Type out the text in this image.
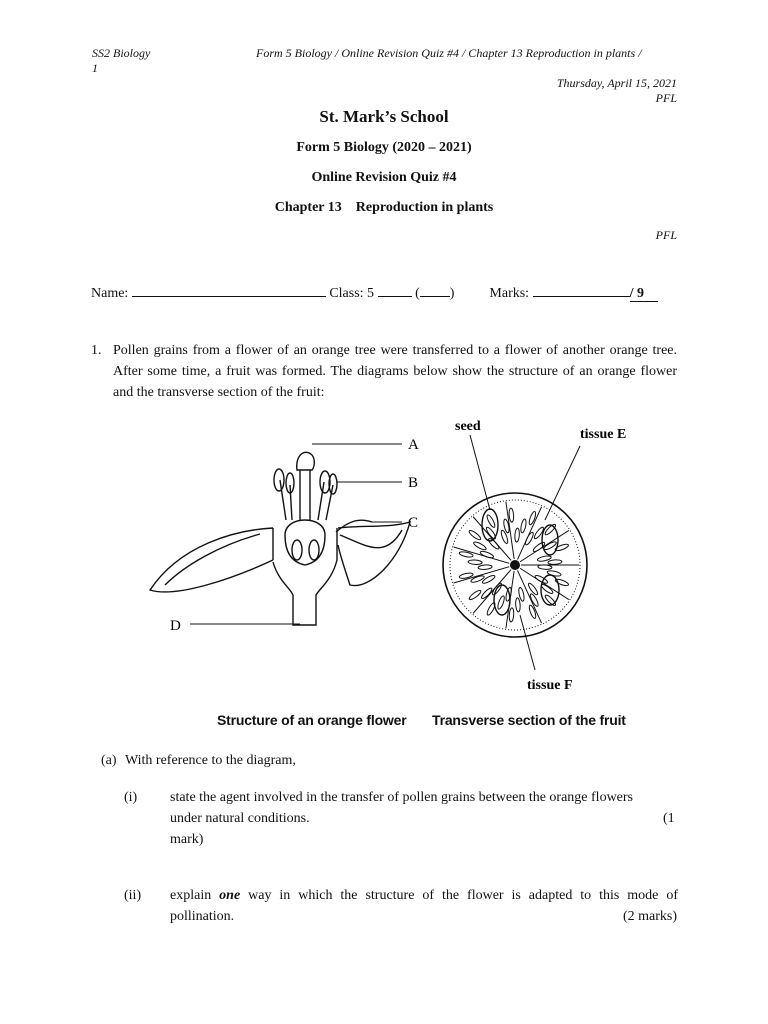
SS2 Biology
1
Form 5 Biology / Online Revision Quiz #4 / Chapter 13 Reproduction in plants /
Thursday, April 15, 2021
PFL
St. Mark’s School
Form 5 Biology (2020 – 2021)
Online Revision Quiz #4
Chapter 13 Reproduction in plants
PFL
Name:	Class: 5	( )	Marks:	/ 9
1. Pollen grains from a flower of an orange tree were transferred to a flower of another orange tree. After some time, a fruit was formed. The diagrams below show the structure of an orange flower and the transverse section of the fruit:
A
B
C
D
seed
tissue E
tissue F
Structure of an orange flower Transverse section of the fruit
(a) With reference to the diagram,
(i) state the agent involved in the transfer of pollen grains between the orange flowers
under natural conditions.	(1
mark)
(ii) explain one way in which the structure of the flower is adapted to this mode of
pollination.	(2 marks)
